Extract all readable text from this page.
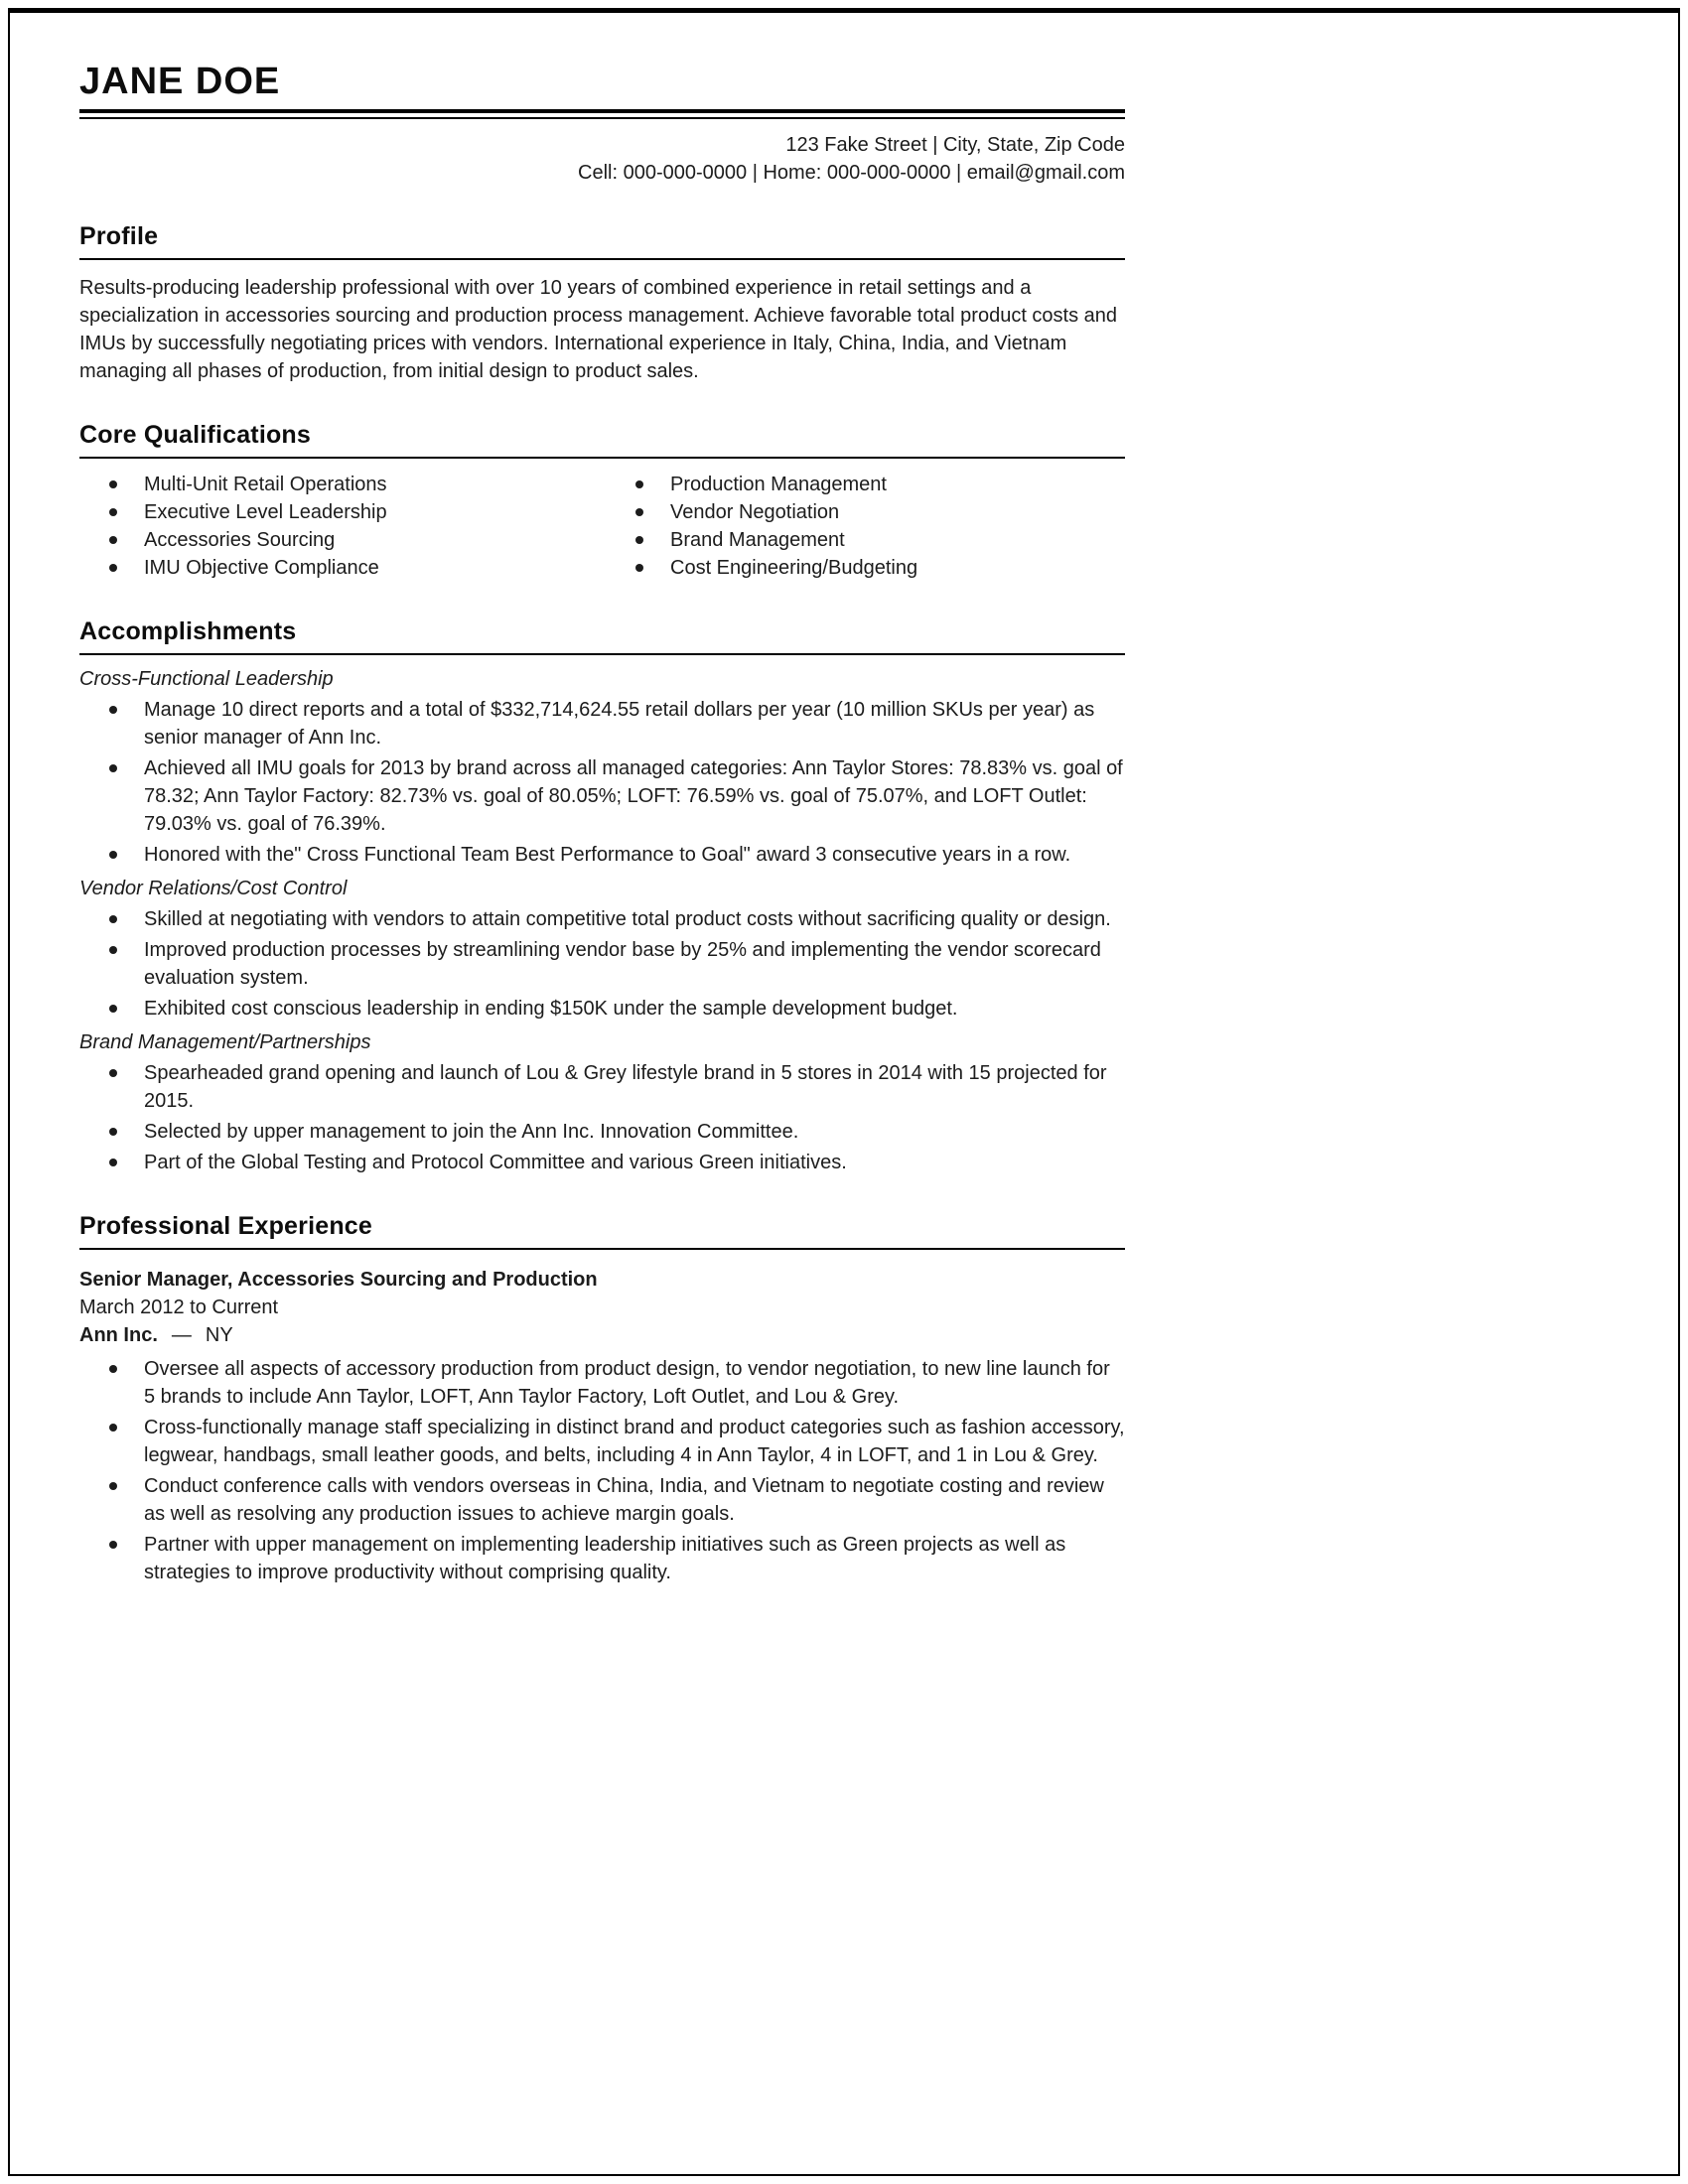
JANE DOE
123 Fake Street | City, State, Zip Code
Cell: 000-000-0000 | Home: 000-000-0000 | email@gmail.com
Profile
Results-producing leadership professional with over 10 years of combined experience in retail settings and a specialization in accessories sourcing and production process management. Achieve favorable total product costs and IMUs by successfully negotiating prices with vendors. International experience in Italy, China, India, and Vietnam managing all phases of production, from initial design to product sales.
Core Qualifications
Multi-Unit Retail Operations
Executive Level Leadership
Accessories Sourcing
IMU Objective Compliance
Production Management
Vendor Negotiation
Brand Management
Cost Engineering/Budgeting
Accomplishments
Cross-Functional Leadership
Manage 10 direct reports and a total of $332,714,624.55 retail dollars per year (10 million SKUs per year) as senior manager of Ann Inc.
Achieved all IMU goals for 2013 by brand across all managed categories: Ann Taylor Stores: 78.83% vs. goal of 78.32; Ann Taylor Factory: 82.73% vs. goal of 80.05%; LOFT: 76.59% vs. goal of 75.07%, and LOFT Outlet: 79.03% vs. goal of 76.39%.
Honored with the" Cross Functional Team Best Performance to Goal" award 3 consecutive years in a row.
Vendor Relations/Cost Control
Skilled at negotiating with vendors to attain competitive total product costs without sacrificing quality or design.
Improved production processes by streamlining vendor base by 25% and implementing the vendor scorecard evaluation system.
Exhibited cost conscious leadership in ending $150K under the sample development budget.
Brand Management/Partnerships
Spearheaded grand opening and launch of Lou & Grey lifestyle brand in 5 stores in 2014 with 15 projected for 2015.
Selected by upper management to join the Ann Inc. Innovation Committee.
Part of the Global Testing and Protocol Committee and various Green initiatives.
Professional Experience
Senior Manager, Accessories Sourcing and Production
March 2012 to Current
Ann Inc. — NY
Oversee all aspects of accessory production from product design, to vendor negotiation, to new line launch for 5 brands to include Ann Taylor, LOFT, Ann Taylor Factory, Loft Outlet, and Lou & Grey.
Cross-functionally manage staff specializing in distinct brand and product categories such as fashion accessory, legwear, handbags, small leather goods, and belts, including 4 in Ann Taylor, 4 in LOFT, and 1 in Lou & Grey.
Conduct conference calls with vendors overseas in China, India, and Vietnam to negotiate costing and review as well as resolving any production issues to achieve margin goals.
Partner with upper management on implementing leadership initiatives such as Green projects as well as strategies to improve productivity without comprising quality.
